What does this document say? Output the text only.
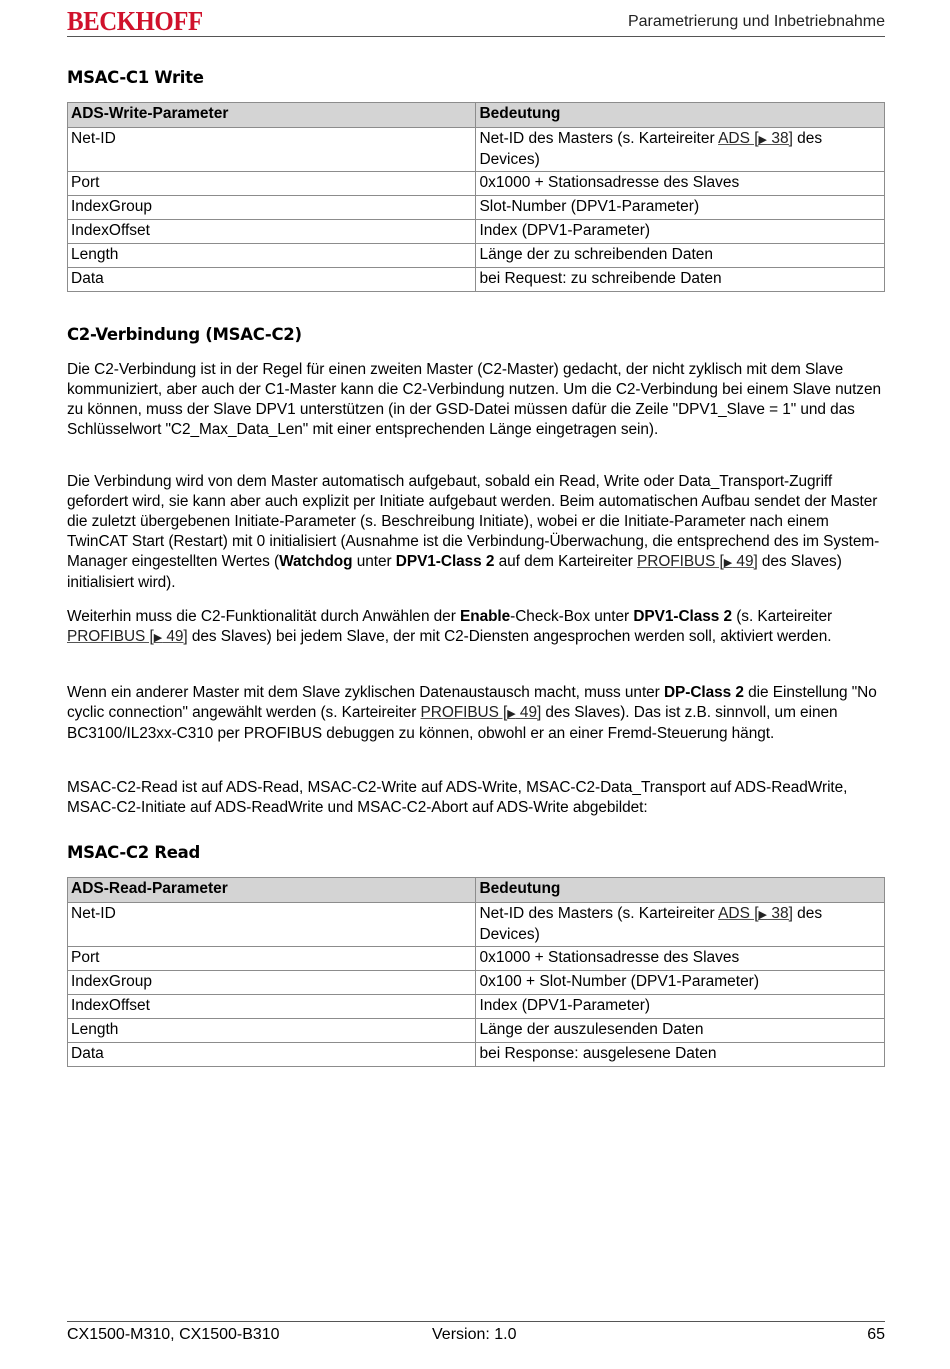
BECKHOFF	Parametrierung und Inbetriebnahme
MSAC-C1 Write
ADS-Write-Parameter	Bedeutung
Net-ID	Net-ID des Masters (s. Karteireiter ADS [▶ 38] des Devices)
Port	0x1000 + Stationsadresse des Slaves
IndexGroup	Slot-Number (DPV1-Parameter)
IndexOffset	Index (DPV1-Parameter)
Length	Länge der zu schreibenden Daten
Data	bei Request: zu schreibende Daten
C2-Verbindung (MSAC-C2)
Die C2-Verbindung ist in der Regel für einen zweiten Master (C2-Master) gedacht, der nicht zyklisch mit dem Slave kommuniziert, aber auch der C1-Master kann die C2-Verbindung nutzen. Um die C2-Verbindung bei einem Slave nutzen zu können, muss der Slave DPV1 unterstützen (in der GSD-Datei müssen dafür die Zeile "DPV1_Slave = 1" und das Schlüsselwort "C2_Max_Data_Len" mit einer entsprechenden Länge eingetragen sein).
Die Verbindung wird von dem Master automatisch aufgebaut, sobald ein Read, Write oder Data_Transport-Zugriff gefordert wird, sie kann aber auch explizit per Initiate aufgebaut werden. Beim automatischen Aufbau sendet der Master die zuletzt übergebenen Initiate-Parameter (s. Beschreibung Initiate), wobei er die Initiate-Parameter nach einem TwinCAT Start (Restart) mit 0 initialisiert (Ausnahme ist die Verbindung-Überwachung, die entsprechend des im System-Manager eingestellten Wertes (Watchdog unter DPV1-Class 2 auf dem Karteireiter PROFIBUS [▶ 49] des Slaves) initialisiert wird).
Weiterhin muss die C2-Funktionalität durch Anwählen der Enable-Check-Box unter DPV1-Class 2 (s. Karteireiter PROFIBUS [▶ 49] des Slaves) bei jedem Slave, der mit C2-Diensten angesprochen werden soll, aktiviert werden.
Wenn ein anderer Master mit dem Slave zyklischen Datenaustausch macht, muss unter DP-Class 2 die Einstellung "No cyclic connection" angewählt werden (s. Karteireiter PROFIBUS [▶ 49] des Slaves). Das ist z.B. sinnvoll, um einen BC3100/IL23xx-C310 per PROFIBUS debuggen zu können, obwohl er an einer Fremd-Steuerung hängt.
MSAC-C2-Read ist auf ADS-Read, MSAC-C2-Write auf ADS-Write, MSAC-C2-Data_Transport auf ADS-ReadWrite, MSAC-C2-Initiate auf ADS-ReadWrite und MSAC-C2-Abort auf ADS-Write abgebildet:
MSAC-C2 Read
ADS-Read-Parameter	Bedeutung
Net-ID	Net-ID des Masters (s. Karteireiter ADS [▶ 38] des Devices)
Port	0x1000 + Stationsadresse des Slaves
IndexGroup	0x100 + Slot-Number (DPV1-Parameter)
IndexOffset	Index (DPV1-Parameter)
Length	Länge der auszulesenden Daten
Data	bei Response: ausgelesene Daten
CX1500-M310, CX1500-B310	Version: 1.0	65
